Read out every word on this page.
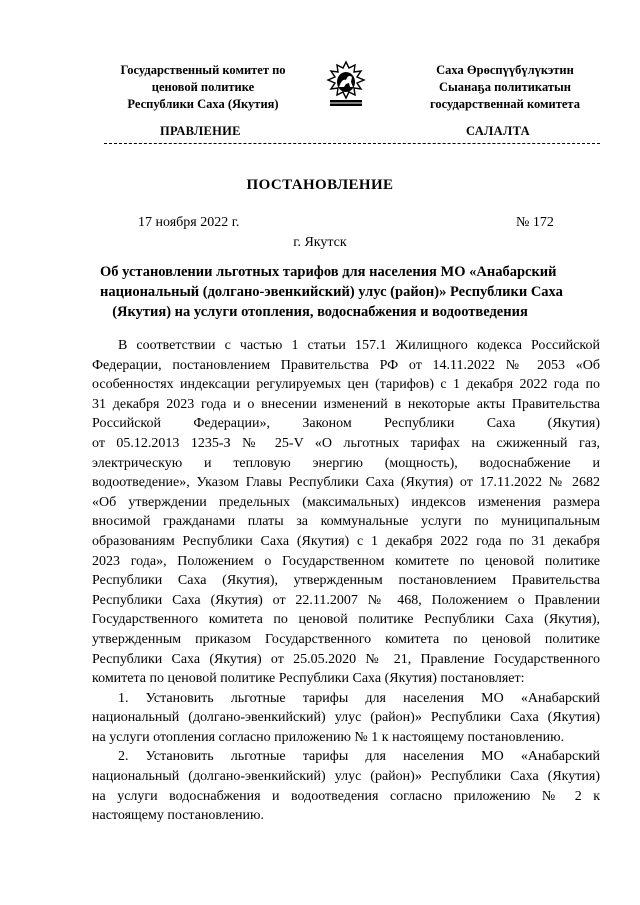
Государственный комитет по
ценовой политике
Республики Саха (Якутия)
Саха Өрөспүүбүлүкэтин
Сыанаҕа политикатын
государственнай комитета
ПРАВЛЕНИЕ	САЛАЛТА
ПОСТАНОВЛЕНИЕ
17 ноября 2022 г.	№ 172
г. Якутск
Об установлении льготных тарифов для населения МО «Анабарский
национальный (долгано-эвенкийский) улус (район)» Республики Саха
(Якутия) на услуги отопления, водоснабжения и водоотведения
В соответствии с частью 1 статьи 157.1 Жилищного кодекса Российской
Федерации, постановлением Правительства РФ от 14.11.2022 № 2053 «Об
особенностях индексации регулируемых цен (тарифов) с 1 декабря 2022 года по
31 декабря 2023 года и о внесении изменений в некоторые акты Правительства
Российской Федерации», Законом Республики Саха (Якутия)
от 05.12.2013 1235-З № 25-V «О льготных тарифах на сжиженный газ,
электрическую и тепловую энергию (мощность), водоснабжение и
водоотведение», Указом Главы Республики Саха (Якутия) от 17.11.2022 № 2682
«Об утверждении предельных (максимальных) индексов изменения размера
вносимой гражданами платы за коммунальные услуги по муниципальным
образованиям Республики Саха (Якутия) с 1 декабря 2022 года по 31 декабря
2023 года», Положением о Государственном комитете по ценовой политике
Республики Саха (Якутия), утвержденным постановлением Правительства
Республики Саха (Якутия) от 22.11.2007 № 468, Положением о Правлении
Государственного комитета по ценовой политике Республики Саха (Якутия),
утвержденным приказом Государственного комитета по ценовой политике
Республики Саха (Якутия) от 25.05.2020 № 21, Правление Государственного
комитета по ценовой политике Республики Саха (Якутия) постановляет:
1. Установить льготные тарифы для населения МО «Анабарский
национальный (долгано-эвенкийский) улус (район)» Республики Саха (Якутия)
на услуги отопления согласно приложению № 1 к настоящему постановлению.
2. Установить льготные тарифы для населения МО «Анабарский
национальный (долгано-эвенкийский) улус (район)» Республики Саха (Якутия)
на услуги водоснабжения и водоотведения согласно приложению № 2 к
настоящему постановлению.
